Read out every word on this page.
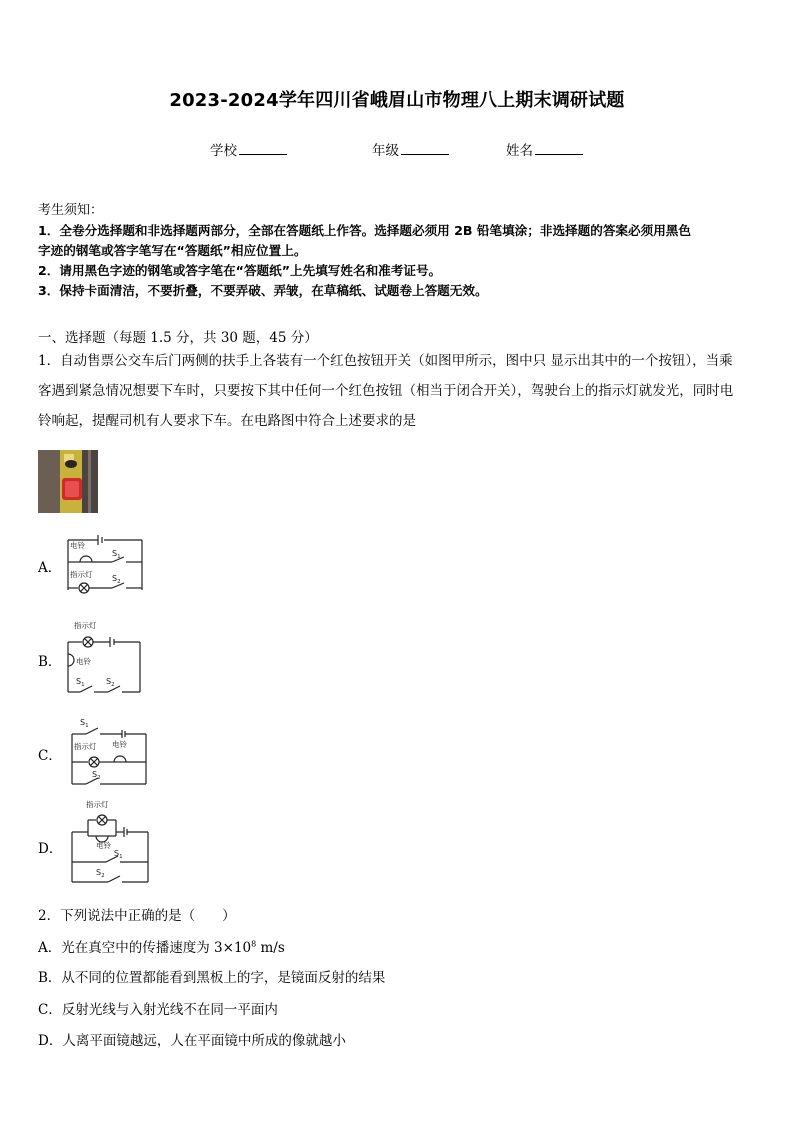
2023-2024学年四川省峨眉山市物理八上期末调研试题
学校	年级	姓名
考生须知：
1．全卷分选择题和非选择题两部分，全部在答题纸上作答。选择题必须用 2B 铅笔填涂；非选择题的答案必须用黑色
字迹的钢笔或答字笔写在“答题纸”相应位置上。
2．请用黑色字迹的钢笔或答字笔在“答题纸”上先填写姓名和准考证号。
3．保持卡面清洁，不要折叠，不要弄破、弄皱，在草稿纸、试题卷上答题无效。
一、选择题（每题 1.5 分，共 30 题，45 分）
1．自动售票公交车后门两侧的扶手上各装有一个红色按钮开关（如图甲所示，图中只 显示出其中的一个按钮），当乘
客遇到紧急情况想要下车时，只要按下其中任何一个红色按钮（相当于闭合开关），驾驶台上的指示灯就发光，同时电
铃响起，提醒司机有人要求下车。在电路图中符合上述要求的是
A．
电铃
$S_1$
指示灯 $S_2$
B．
指示灯
电铃
$S_1$	$S_2$
C．
$S_1$
指示灯 电铃
$S_2$
D．
指示灯
电铃
$S_1$
$S_2$
2．下列说法中正确的是（　　）
A．光在真空中的传播速度为 $3\times 10^8$ m/s
B．从不同的位置都能看到黑板上的字，是镜面反射的结果
C．反射光线与入射光线不在同一平面内
D．人离平面镜越远，人在平面镜中所成的像就越小
